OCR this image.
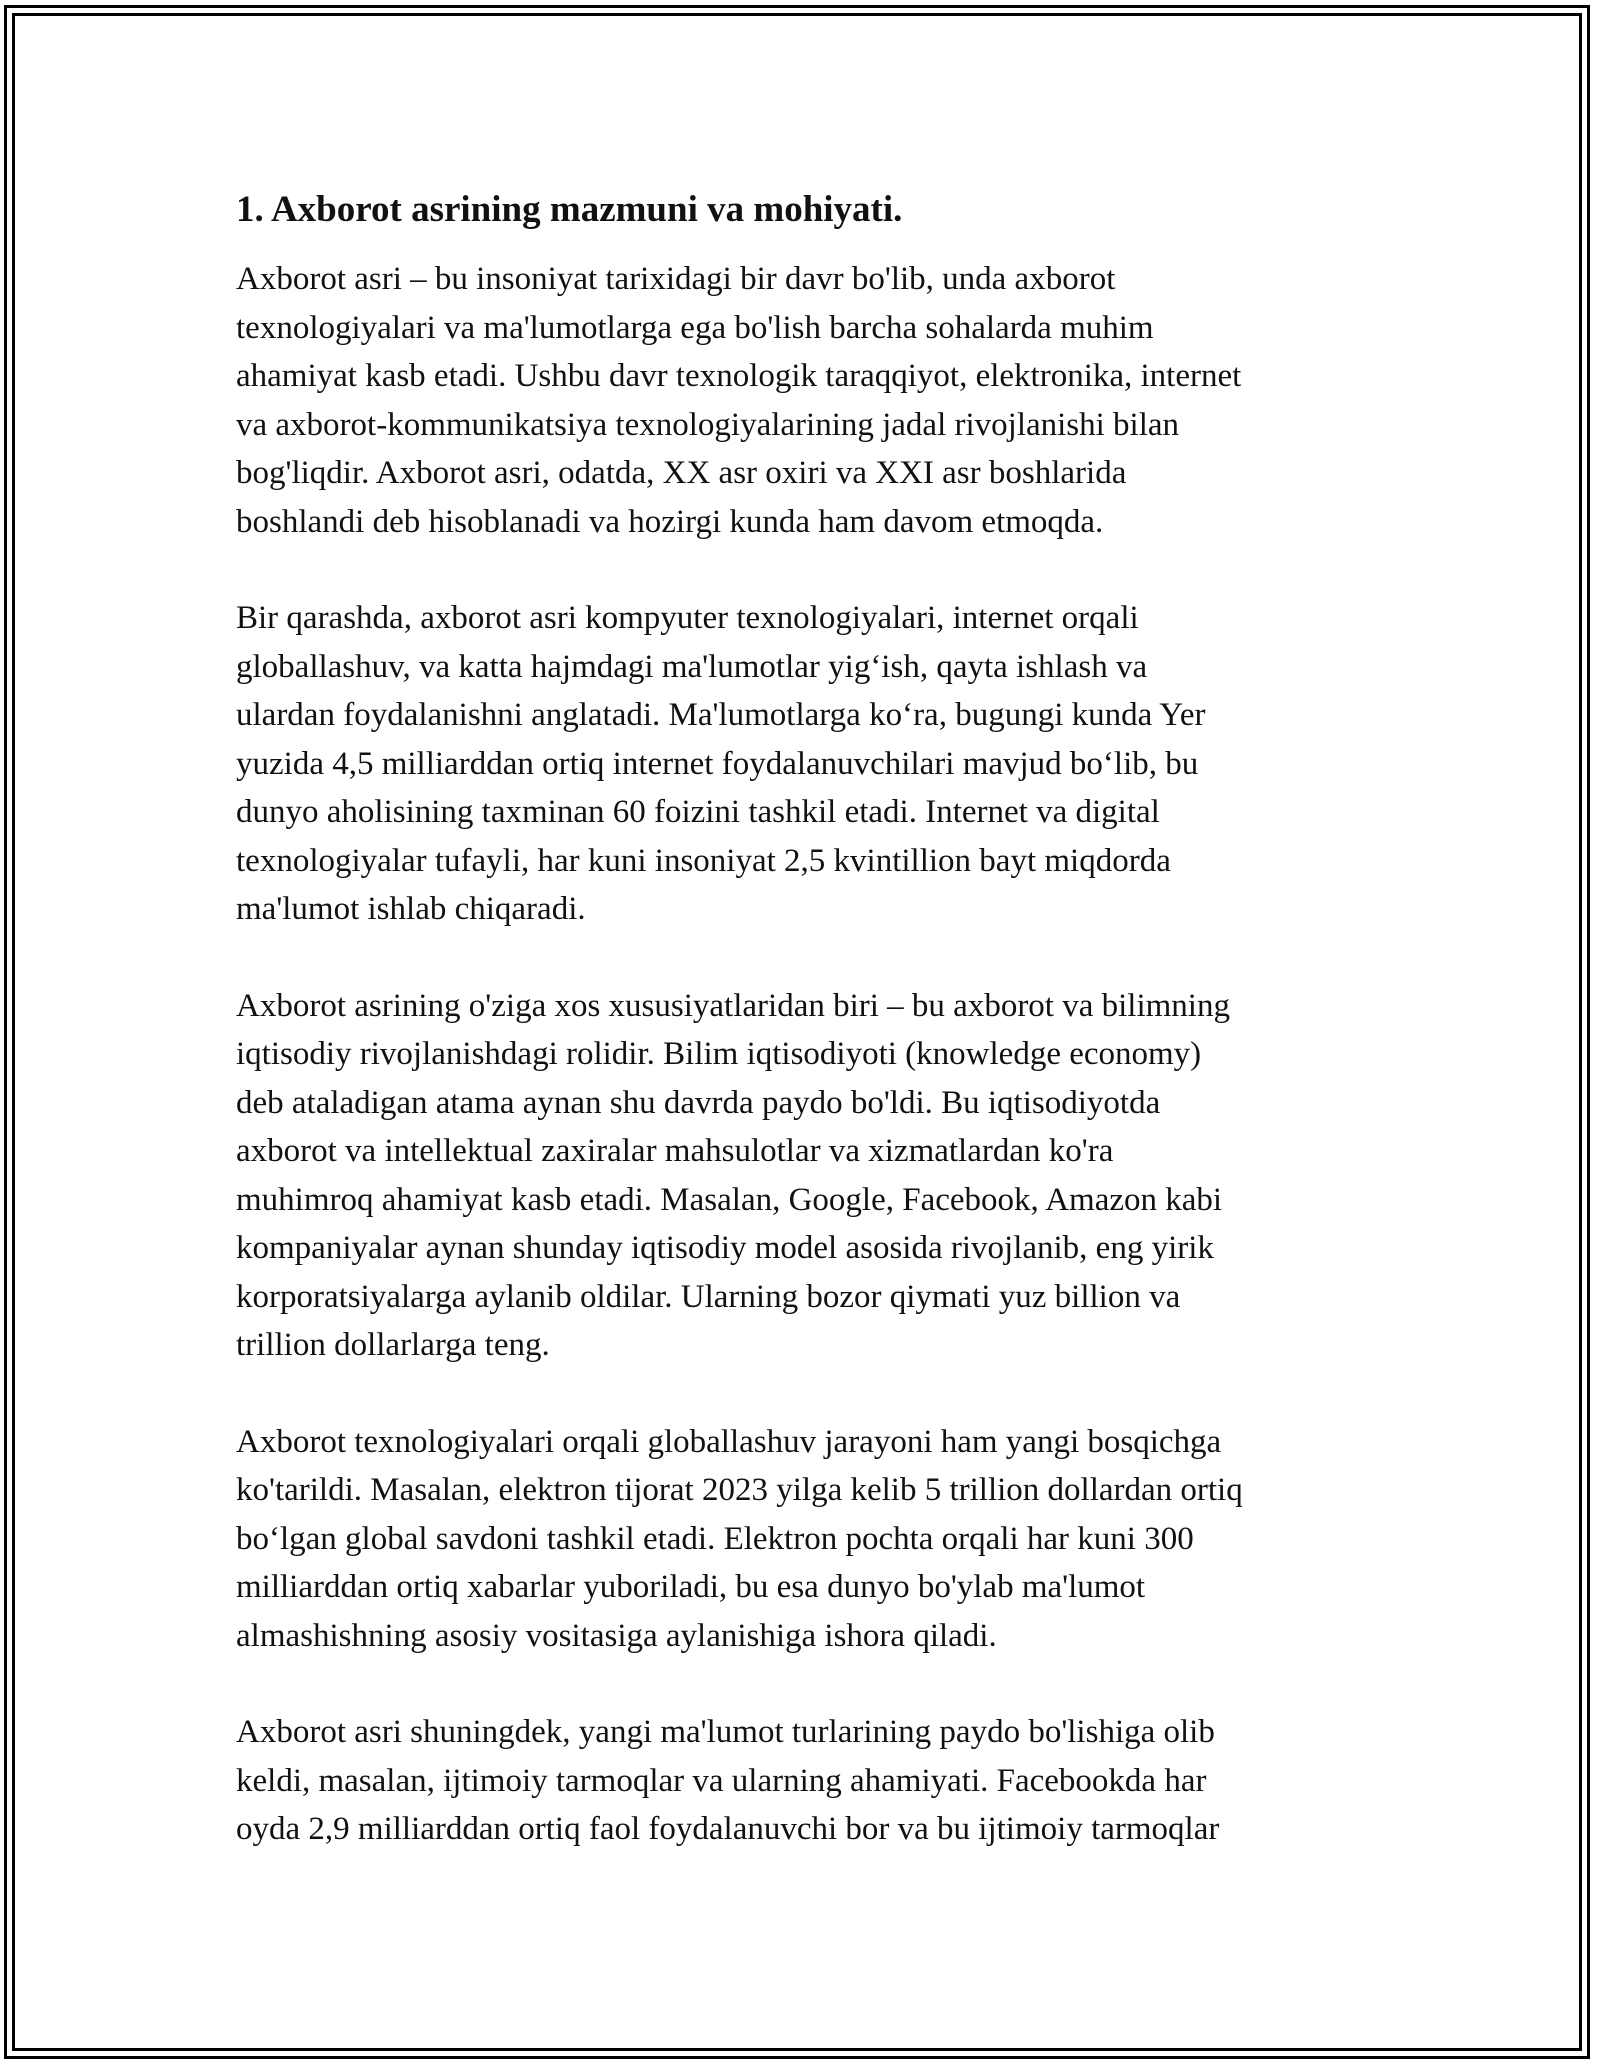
1. Axborot asrining mazmuni va mohiyati.

Axborot asri – bu insoniyat tarixidagi bir davr bo'lib, unda axborot
texnologiyalari va ma'lumotlarga ega bo'lish barcha sohalarda muhim
ahamiyat kasb etadi. Ushbu davr texnologik taraqqiyot, elektronika, internet
va axborot-kommunikatsiya texnologiyalarining jadal rivojlanishi bilan
bog'liqdir. Axborot asri, odatda, XX asr oxiri va XXI asr boshlarida
boshlandi deb hisoblanadi va hozirgi kunda ham davom etmoqda.

Bir qarashda, axborot asri kompyuter texnologiyalari, internet orqali
globallashuv, va katta hajmdagi ma'lumotlar yig‘ish, qayta ishlash va
ulardan foydalanishni anglatadi. Ma'lumotlarga ko‘ra, bugungi kunda Yer
yuzida 4,5 milliarddan ortiq internet foydalanuvchilari mavjud bo‘lib, bu
dunyo aholisining taxminan 60 foizini tashkil etadi. Internet va digital
texnologiyalar tufayli, har kuni insoniyat 2,5 kvintillion bayt miqdorda
ma'lumot ishlab chiqaradi.

Axborot asrining o'ziga xos xususiyatlaridan biri – bu axborot va bilimning
iqtisodiy rivojlanishdagi rolidir. Bilim iqtisodiyoti (knowledge economy)
deb ataladigan atama aynan shu davrda paydo bo'ldi. Bu iqtisodiyotda
axborot va intellektual zaxiralar mahsulotlar va xizmatlardan ko'ra
muhimroq ahamiyat kasb etadi. Masalan, Google, Facebook, Amazon kabi
kompaniyalar aynan shunday iqtisodiy model asosida rivojlanib, eng yirik
korporatsiyalarga aylanib oldilar. Ularning bozor qiymati yuz billion va
trillion dollarlarga teng.

Axborot texnologiyalari orqali globallashuv jarayoni ham yangi bosqichga
ko'tarildi. Masalan, elektron tijorat 2023 yilga kelib 5 trillion dollardan ortiq
bo‘lgan global savdoni tashkil etadi. Elektron pochta orqali har kuni 300
milliarddan ortiq xabarlar yuboriladi, bu esa dunyo bo'ylab ma'lumot
almashishning asosiy vositasiga aylanishiga ishora qiladi.

Axborot asri shuningdek, yangi ma'lumot turlarining paydo bo'lishiga olib
keldi, masalan, ijtimoiy tarmoqlar va ularning ahamiyati. Facebookda har
oyda 2,9 milliarddan ortiq faol foydalanuvchi bor va bu ijtimoiy tarmoqlar
